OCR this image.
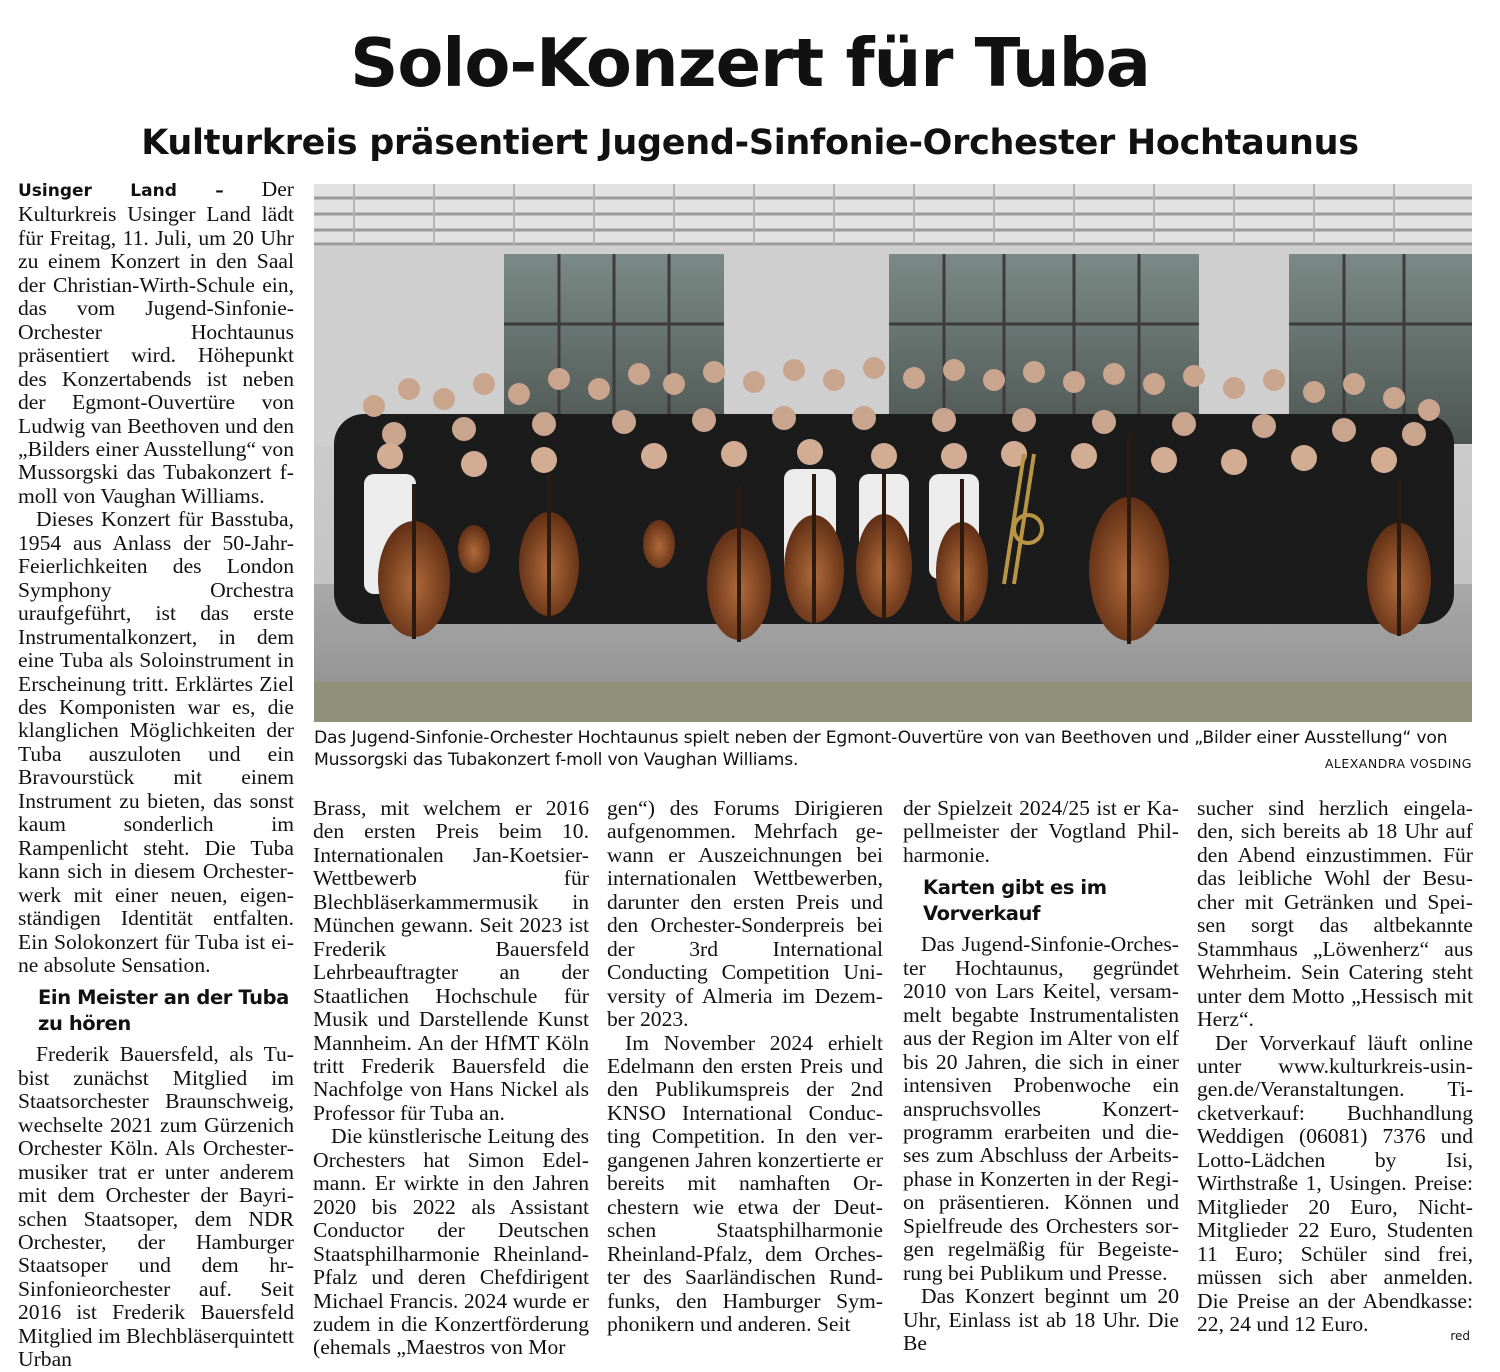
Solo-Konzert für Tuba
Kulturkreis präsentiert Jugend-Sinfonie-Orchester Hochtaunus

Usinger Land – Der Kulturkreis Usinger Land lädt für Freitag, 11. Juli, um 20 Uhr zu einem Konzert in den Saal der Christian-Wirth-Schule ein, das vom Jugend-Sinfonie-Orchester Hochtaunus präsentiert wird. Höhepunkt des Konzertabends ist neben der Egmont-Ouvertüre von Ludwig van Beethoven und den „Bilders einer Ausstellung“ von Mussorgski das Tubakonzert f-moll von Vaughan Williams.

Dieses Konzert für Basstuba, 1954 aus Anlass der 50-Jahr-Feierlichkeiten des London Symphony Orchestra uraufgeführt, ist das erste Instrumentalkonzert, in dem eine Tuba als Soloinstrument in Erscheinung tritt. Erklärtes Ziel des Komponisten war es, die klanglichen Möglichkeiten der Tuba auszuloten und ein Bravourstück mit einem Instrument zu bieten, das sonst kaum sonderlich im Rampenlicht steht. Die Tuba kann sich in diesem Orchesterwerk mit einer neuen, eigenständigen Identität entfalten. Ein Solokonzert für Tuba ist eine absolute Sensation.

Ein Meister an der Tuba zu hören

Frederik Bauersfeld, als Tubist zunächst Mitglied im Staatsorchester Braunschweig, wechselte 2021 zum Gürzenich Orchester Köln. Als Orchestermusiker trat er unter anderem mit dem Orchester der Bayrischen Staatsoper, dem NDR Orchester, der Hamburger Staatsoper und dem hr-Sinfonieorchester auf. Seit 2016 ist Frederik Bauersfeld Mitglied im Blechbläserquintett Urban

Das Jugend-Sinfonie-Orchester Hochtaunus spielt neben der Egmont-Ouvertüre von van Beethoven und „Bilder einer Ausstellung“ von Mussorgski das Tubakonzert f-moll von Vaughan Williams.	ALEXANDRA VOSDING

Brass, mit welchem er 2016 den ersten Preis beim 10. Internationalen Jan-Koetsier-Wettbewerb für Blechbläserkammermusik in München gewann. Seit 2023 ist Frederik Bauersfeld Lehrbeauftragter an der Staatlichen Hochschule für Musik und Darstellende Kunst Mannheim. An der HfMT Köln tritt Frederik Bauersfeld die Nachfolge von Hans Nickel als Professor für Tuba an.

Die künstlerische Leitung des Orchesters hat Simon Edelmann. Er wirkte in den Jahren 2020 bis 2022 als Assistant Conductor der Deutschen Staatsphilharmonie Rheinland-Pfalz und deren Chefdirigent Michael Francis. 2024 wurde er zudem in die Konzertförderung (ehemals „Maestros von Mor

gen“) des Forums Dirigieren aufgenommen. Mehrfach gewann er Auszeichnungen bei internationalen Wettbewerben, darunter den ersten Preis und den Orchester-Sonderpreis bei der 3rd International Conducting Competition University of Almeria im Dezember 2023.

Im November 2024 erhielt Edelmann den ersten Preis und den Publikumspreis der 2nd KNSO International Conducting Competition. In den vergangenen Jahren konzertierte er bereits mit namhaften Orchestern wie etwa der Deutschen Staatsphilharmonie Rheinland-Pfalz, dem Orchester des Saarländischen Rundfunks, den Hamburger Symphonikern und anderen. Seit

der Spielzeit 2024/25 ist er Kapellmeister der Vogtland Philharmonie.

Karten gibt es im Vorverkauf

Das Jugend-Sinfonie-Orchester Hochtaunus, gegründet 2010 von Lars Keitel, versammelt begabte Instrumentalisten aus der Region im Alter von elf bis 20 Jahren, die sich in einer intensiven Probenwoche ein anspruchsvolles Konzertprogramm erarbeiten und dieses zum Abschluss der Arbeitsphase in Konzerten in der Region präsentieren. Können und Spielfreude des Orchesters sorgen regelmäßig für Begeisterung bei Publikum und Presse.

Das Konzert beginnt um 20 Uhr, Einlass ist ab 18 Uhr. Die Be

sucher sind herzlich eingeladen, sich bereits ab 18 Uhr auf den Abend einzustimmen. Für das leibliche Wohl der Besucher mit Getränken und Speisen sorgt das altbekannte Stammhaus „Löwenherz“ aus Wehrheim. Sein Catering steht unter dem Motto „Hessisch mit Herz“.

Der Vorverkauf läuft online unter www.kulturkreis-usingen.de/Veranstaltungen. Ticketverkauf: Buchhandlung Weddigen (06081) 7376 und Lotto-Lädchen by Isi, Wirthstraße 1, Usingen. Preise: Mitglieder 20 Euro, Nicht-Mitglieder 22 Euro, Studenten 11 Euro; Schüler sind frei, müssen sich aber anmelden. Die Preise an der Abendkasse: 22, 24 und 12 Euro.

red
